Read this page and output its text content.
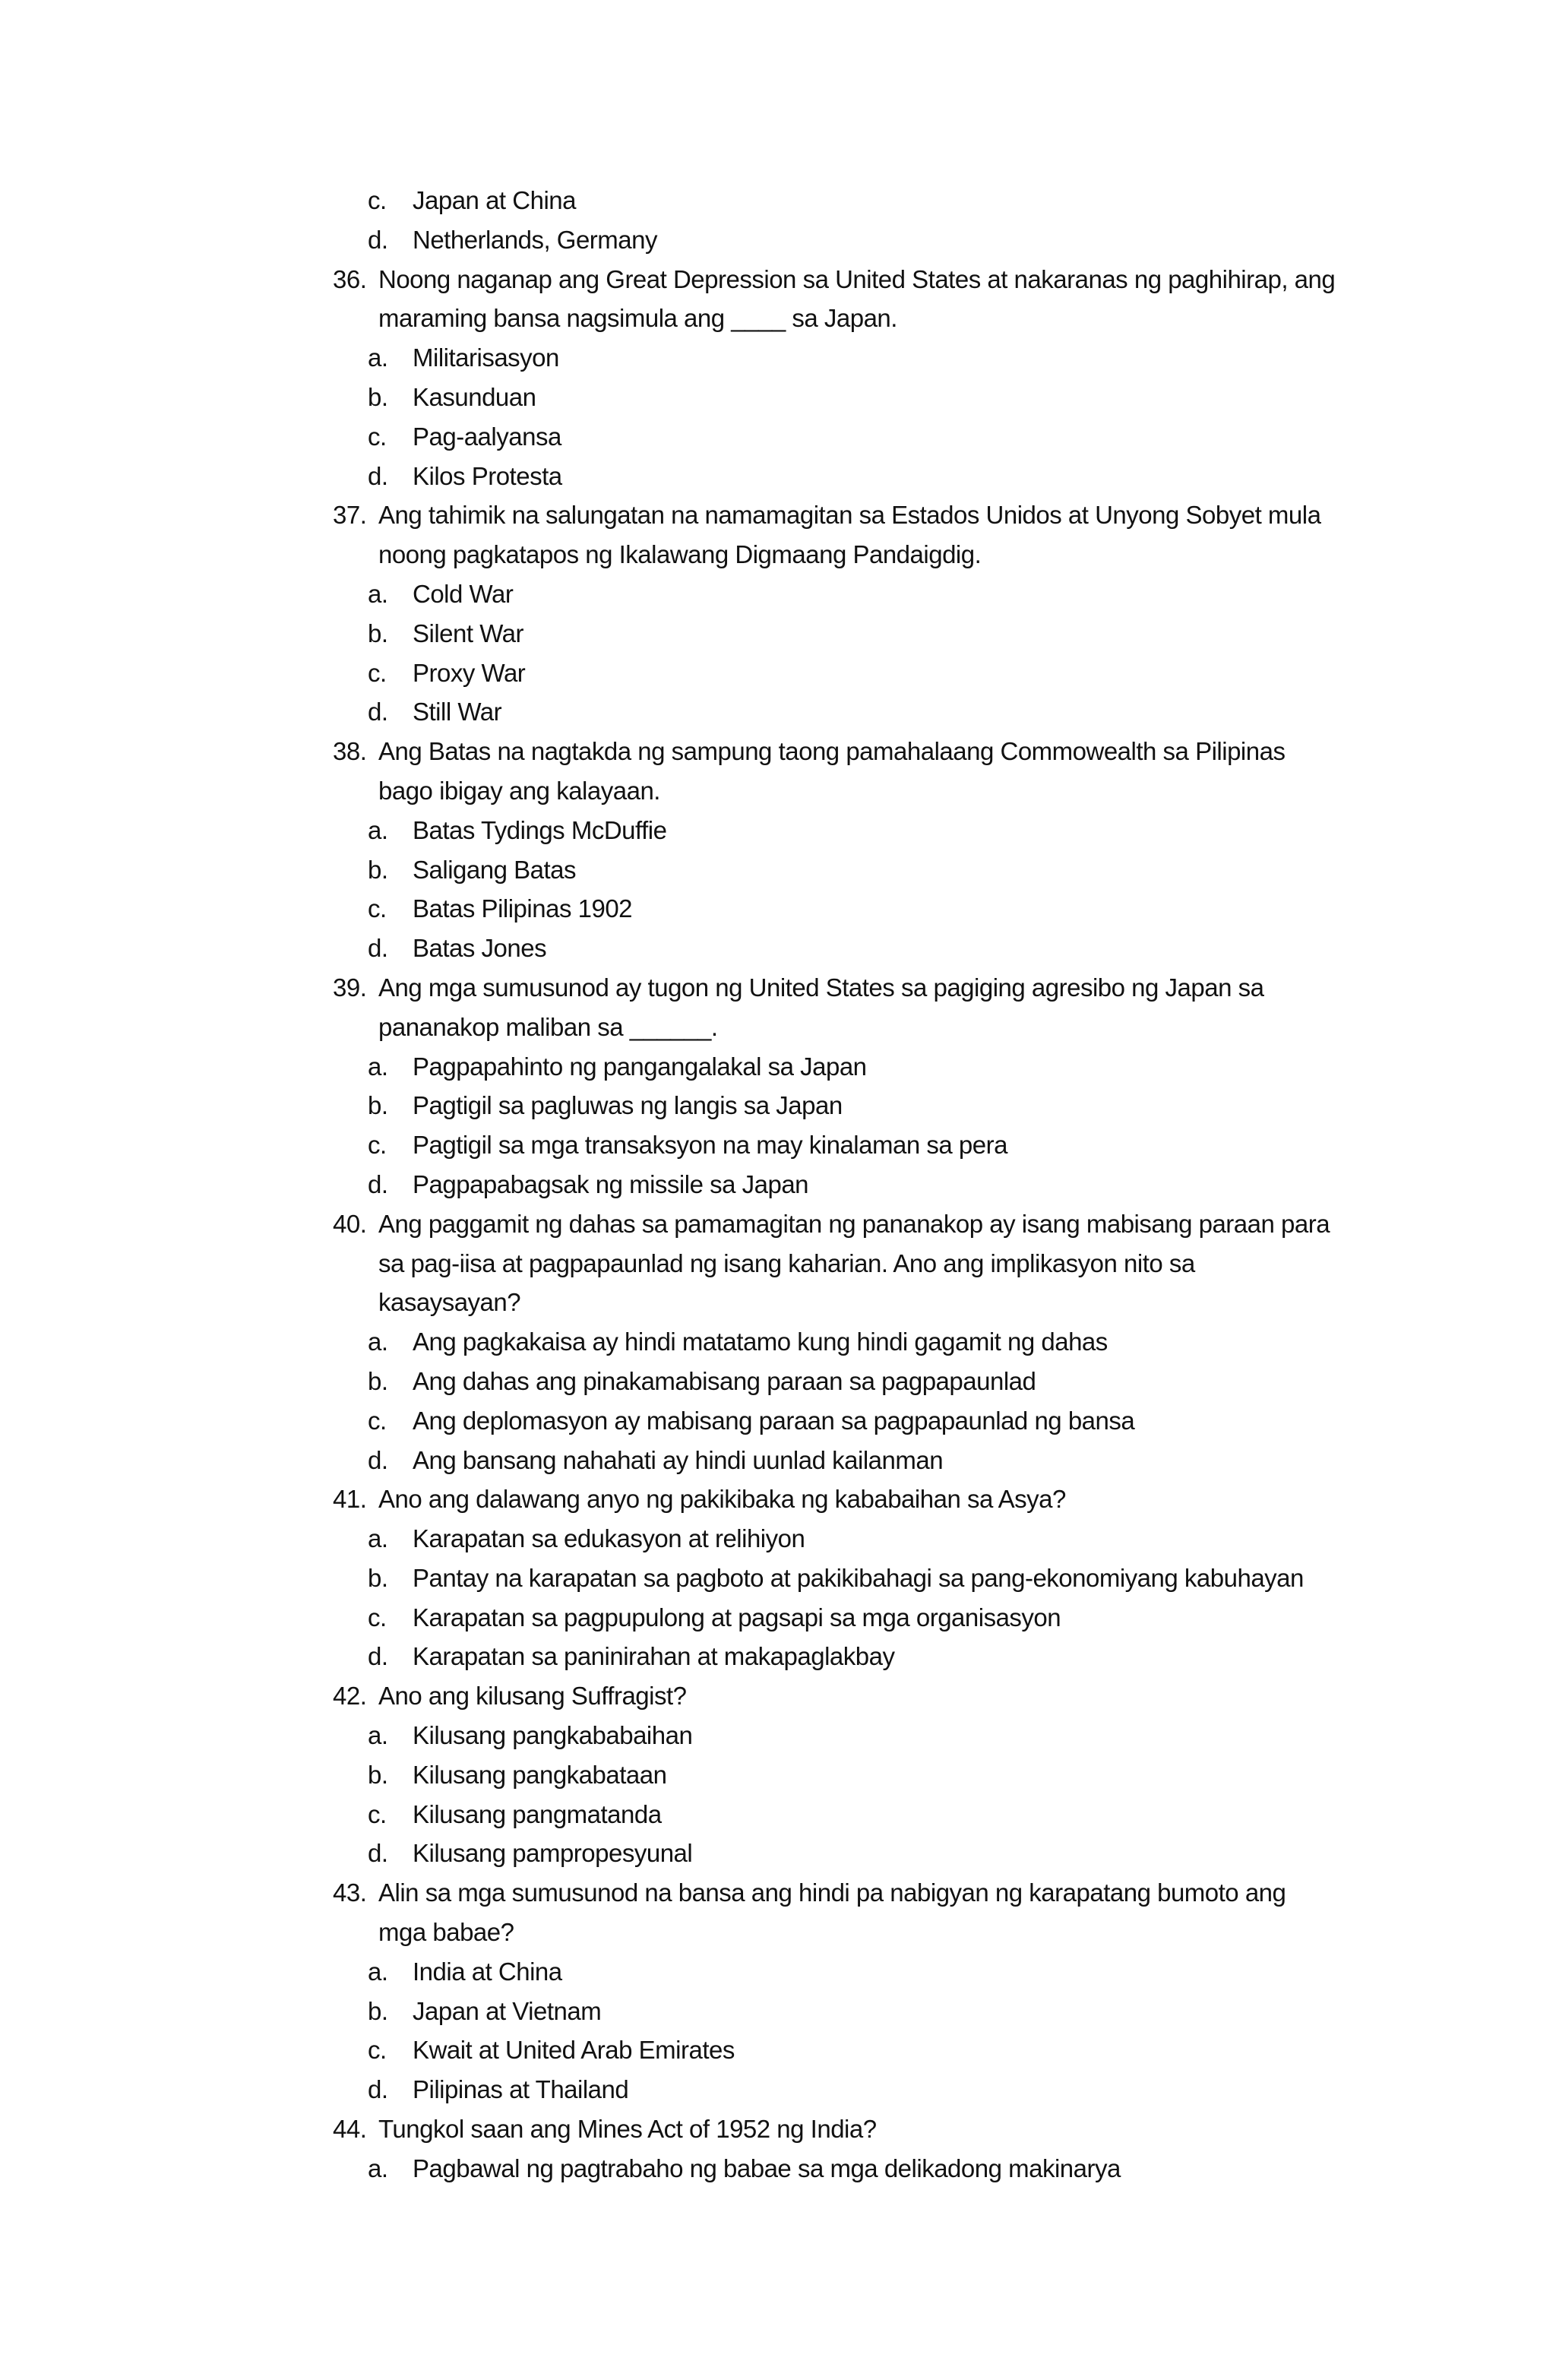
c. Japan at China
d. Netherlands, Germany
36. Noong naganap ang Great Depression sa United States at nakaranas ng paghihirap, ang
maraming bansa nagsimula ang ____ sa Japan.
a. Militarisasyon
b. Kasunduan
c. Pag-aalyansa
d. Kilos Protesta
37. Ang tahimik na salungatan na namamagitan sa Estados Unidos at Unyong Sobyet mula
noong pagkatapos ng Ikalawang Digmaang Pandaigdig.
a. Cold War
b. Silent War
c. Proxy War
d. Still War
38. Ang Batas na nagtakda ng sampung taong pamahalaang Commowealth sa Pilipinas
bago ibigay ang kalayaan.
a. Batas Tydings McDuffie
b. Saligang Batas
c. Batas Pilipinas 1902
d. Batas Jones
39. Ang mga sumusunod ay tugon ng United States sa pagiging agresibo ng Japan sa
pananakop maliban sa ______.
a. Pagpapahinto ng pangangalakal sa Japan
b. Pagtigil sa pagluwas ng langis sa Japan
c. Pagtigil sa mga transaksyon na may kinalaman sa pera
d. Pagpapabagsak ng missile sa Japan
40. Ang paggamit ng dahas sa pamamagitan ng pananakop ay isang mabisang paraan para
sa pag-iisa at pagpapaunlad ng isang kaharian. Ano ang implikasyon nito sa
kasaysayan?
a. Ang pagkakaisa ay hindi matatamo kung hindi gagamit ng dahas
b. Ang dahas ang pinakamabisang paraan sa pagpapaunlad
c. Ang deplomasyon ay mabisang paraan sa pagpapaunlad ng bansa
d. Ang bansang nahahati ay hindi uunlad kailanman
41. Ano ang dalawang anyo ng pakikibaka ng kababaihan sa Asya?
a. Karapatan sa edukasyon at relihiyon
b. Pantay na karapatan sa pagboto at pakikibahagi sa pang-ekonomiyang kabuhayan
c. Karapatan sa pagpupulong at pagsapi sa mga organisasyon
d. Karapatan sa paninirahan at makapaglakbay
42. Ano ang kilusang Suffragist?
a. Kilusang pangkababaihan
b. Kilusang pangkabataan
c. Kilusang pangmatanda
d. Kilusang pampropesyunal
43. Alin sa mga sumusunod na bansa ang hindi pa nabigyan ng karapatang bumoto ang
mga babae?
a. India at China
b. Japan at Vietnam
c. Kwait at United Arab Emirates
d. Pilipinas at Thailand
44. Tungkol saan ang Mines Act of 1952 ng India?
a. Pagbawal ng pagtrabaho ng babae sa mga delikadong makinarya
